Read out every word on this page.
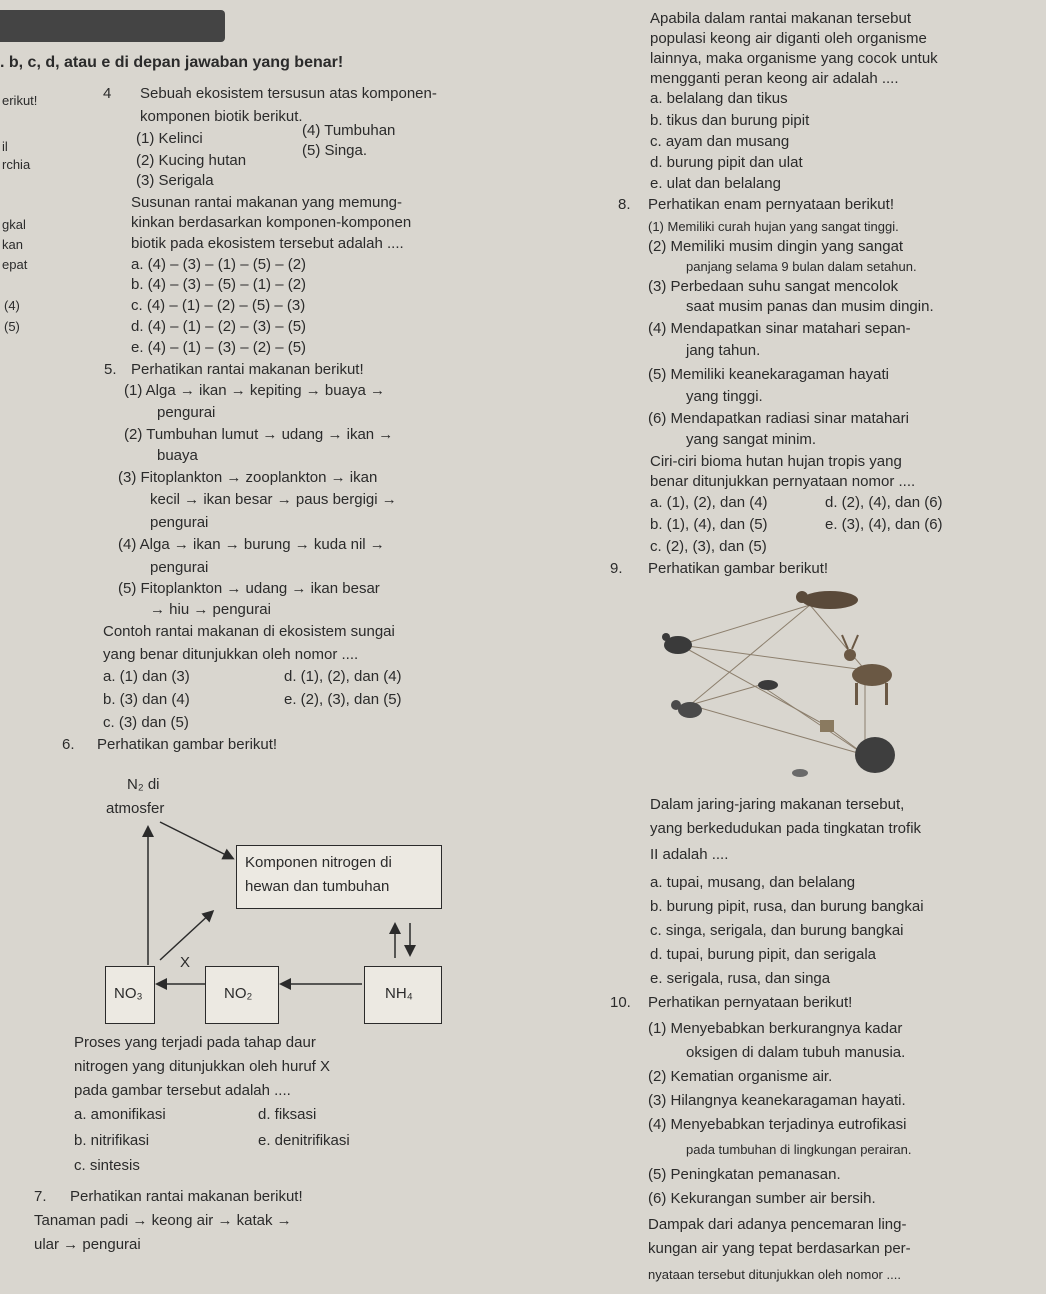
. b, c, d, atau e di depan jawaban yang benar!
erikut!
il
rchia
gkal
kan
epat
(4)
(5)
4 Sebuah ekosistem tersusun atas komponen-
komponen biotik berikut.
(1) Kelinci	(4) Tumbuhan
(2) Kucing hutan
(5) Singa.
(3) Serigala
Susunan rantai makanan yang memung-
kinkan berdasarkan komponen-komponen
biotik pada ekosistem tersebut adalah ....
a. (4) – (3) – (1) – (5) – (2)
b. (4) – (3) – (5) – (1) – (2)
c. (4) – (1) – (2) – (5) – (3)
d. (4) – (1) – (2) – (3) – (5)
e. (4) – (1) – (3) – (2) – (5)
5. Perhatikan rantai makanan berikut!
(1) Alga → ikan → kepiting → buaya →
pengurai
(2) Tumbuhan lumut → udang → ikan →
buaya
(3) Fitoplankton → zooplankton → ikan
kecil → ikan besar → paus bergigi →
pengurai
(4) Alga → ikan → burung → kuda nil →
pengurai
(5) Fitoplankton → udang → ikan besar
→ hiu → pengurai
Contoh rantai makanan di ekosistem sungai
yang benar ditunjukkan oleh nomor ....
a. (1) dan (3)	d. (1), (2), dan (4)
b. (3) dan (4)	e. (2), (3), dan (5)
c. (3) dan (5)
6. Perhatikan gambar berikut!
N₂ di
atmosfer
Komponen nitrogen di
hewan dan tumbuhan
NO₃	NO₂	NH₄
X
Proses yang terjadi pada tahap daur
nitrogen yang ditunjukkan oleh huruf X
pada gambar tersebut adalah ....
a. amonifikasi	d. fiksasi
b. nitrifikasi	e. denitrifikasi
c. sintesis
7. Perhatikan rantai makanan berikut!
Tanaman padi → keong air → katak →
ular → pengurai
Apabila dalam rantai makanan tersebut
populasi keong air diganti oleh organisme
lainnya, maka organisme yang cocok untuk
mengganti peran keong air adalah ....
a. belalang dan tikus
b. tikus dan burung pipit
c. ayam dan musang
d. burung pipit dan ulat
e. ulat dan belalang
8. Perhatikan enam pernyataan berikut!
(1) Memiliki curah hujan yang sangat tinggi.
(2) Memiliki musim dingin yang sangat
panjang selama 9 bulan dalam setahun.
(3) Perbedaan suhu sangat mencolok
saat musim panas dan musim dingin.
(4) Mendapatkan sinar matahari sepan-
jang tahun.
(5) Memiliki keanekaragaman hayati
yang tinggi.
(6) Mendapatkan radiasi sinar matahari
yang sangat minim.
Ciri-ciri bioma hutan hujan tropis yang
benar ditunjukkan pernyataan nomor ....
a. (1), (2), dan (4)	d. (2), (4), dan (6)
b. (1), (4), dan (5)	e. (3), (4), dan (6)
c. (2), (3), dan (5)
9. Perhatikan gambar berikut!
Dalam jaring-jaring makanan tersebut,
yang berkedudukan pada tingkatan trofik
II adalah ....
a. tupai, musang, dan belalang
b. burung pipit, rusa, dan burung bangkai
c. singa, serigala, dan burung bangkai
d. tupai, burung pipit, dan serigala
e. serigala, rusa, dan singa
10. Perhatikan pernyataan berikut!
(1) Menyebabkan berkurangnya kadar
oksigen di dalam tubuh manusia.
(2) Kematian organisme air.
(3) Hilangnya keanekaragaman hayati.
(4) Menyebabkan terjadinya eutrofikasi
pada tumbuhan di lingkungan perairan.
(5) Peningkatan pemanasan.
(6) Kekurangan sumber air bersih.
Dampak dari adanya pencemaran ling-
kungan air yang tepat berdasarkan per-
nyataan tersebut ditunjukkan oleh nomor ....
